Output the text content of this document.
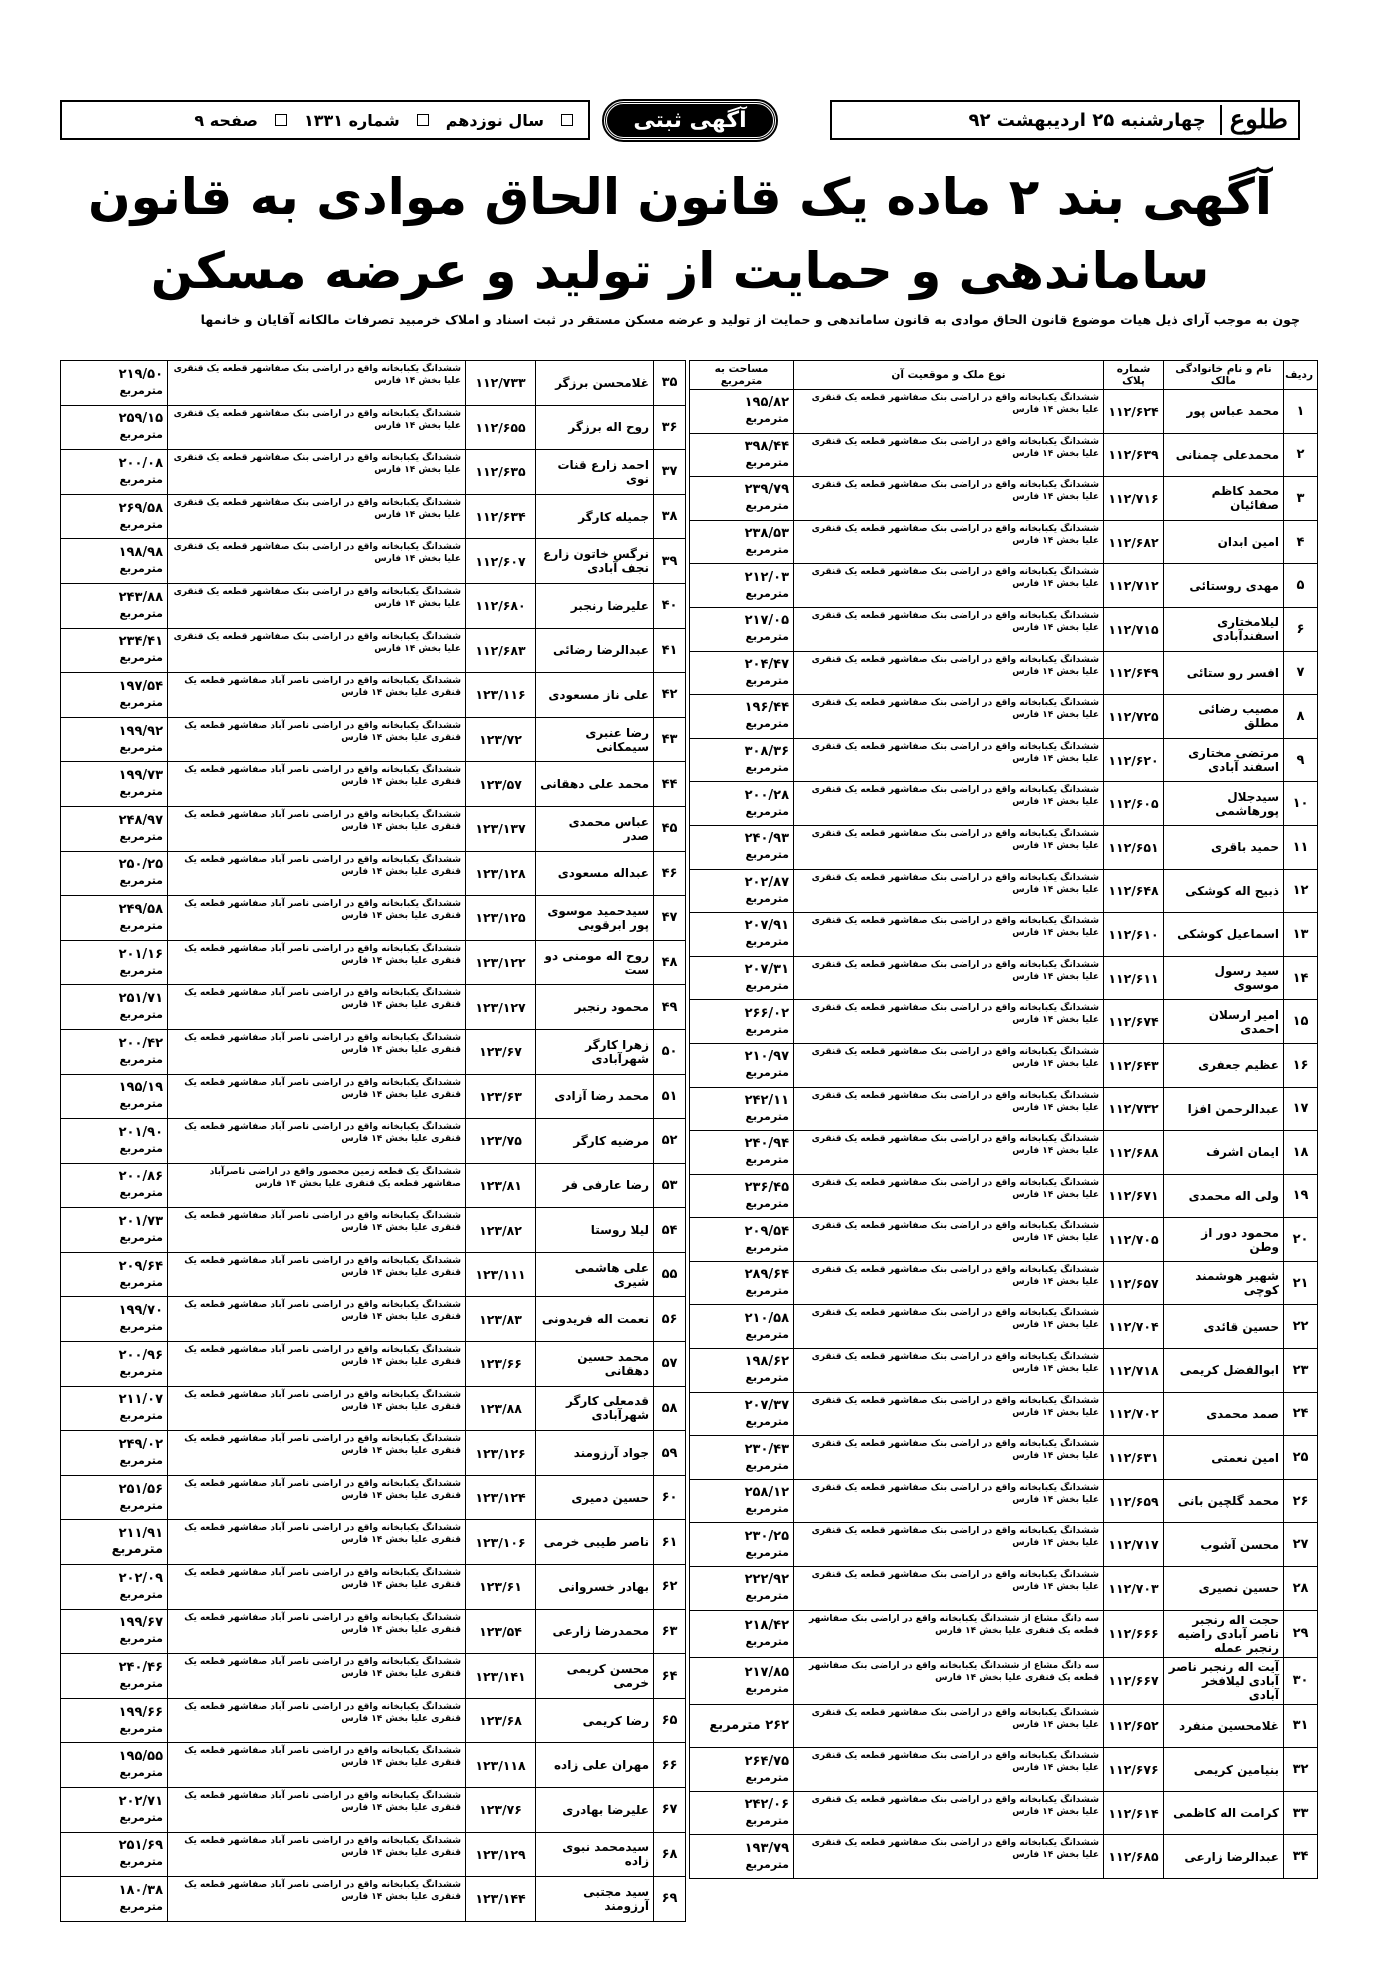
طلوع
چهارشنبه ۲۵ اردیبهشت ۹۲
آگهی ثبتی
سال نوزدهم
شماره ۱۳۳۱
صفحه ۹
آگهی بند ۲ ماده یک قانون الحاق موادی به قانون
ساماندهی و حمایت از تولید و عرضه مسکن
چون به موجب آرای ذیل هیات موضوع قانون الحاق موادی به قانون ساماندهی و حمایت از تولید و عرضه مسکن مستقر در ثبت اسناد و املاک خرمبید تصرفات مالکانه آقایان و خانمها
ردیف	نام و نام خانوادگی مالک	شماره پلاک	نوع ملک و موقعیت آن	مساحت به مترمربع
۱	محمد عباس پور	۱۱۲/۶۲۴	ششدانگ یکبابخانه واقع در اراضی بنک صفاشهر قطعه یک قنقری علیا بخش ۱۴ فارس	۱۹۵/۸۲
مترمربع

۲	محمدعلی چمنانی	۱۱۲/۶۳۹	ششدانگ یکبابخانه واقع در اراضی بنک صفاشهر قطعه یک قنقری علیا بخش ۱۴ فارس	۳۹۸/۴۴
مترمربع

۳	محمد کاظم صفائیان	۱۱۲/۷۱۶	ششدانگ یکبابخانه واقع در اراضی بنک صفاشهر قطعه یک قنقری علیا بخش ۱۴ فارس	۲۳۹/۷۹
مترمربع

۴	امین ابدان	۱۱۲/۶۸۲	ششدانگ یکبابخانه واقع در اراضی بنک صفاشهر قطعه یک قنقری علیا بخش ۱۴ فارس	۲۳۸/۵۳
مترمربع

۵	مهدی روستائی	۱۱۲/۷۱۲	ششدانگ یکبابخانه واقع در اراضی بنک صفاشهر قطعه یک قنقری علیا بخش ۱۴ فارس	۲۱۲/۰۳
مترمربع

۶	لیلامختاری اسفندآبادی	۱۱۲/۷۱۵	ششدانگ یکبابخانه واقع در اراضی بنک صفاشهر قطعه یک قنقری علیا بخش ۱۴ فارس	۲۱۷/۰۵
مترمربع

۷	افسر رو ستائی	۱۱۲/۶۴۹	ششدانگ یکبابخانه واقع در اراضی بنک صفاشهر قطعه یک قنقری علیا بخش ۱۴ فارس	۲۰۴/۴۷
مترمربع

۸	مصیب رضائی مطلق	۱۱۲/۷۲۵	ششدانگ یکبابخانه واقع در اراضی بنک صفاشهر قطعه یک قنقری علیا بخش ۱۴ فارس	۱۹۶/۴۴
مترمربع

۹	مرتضی مختاری اسفند آبادی	۱۱۲/۶۲۰	ششدانگ یکبابخانه واقع در اراضی بنک صفاشهر قطعه یک قنقری علیا بخش ۱۴ فارس	۳۰۸/۳۶
مترمربع

۱۰	سیدجلال پورهاشمی	۱۱۲/۶۰۵	ششدانگ یکبابخانه واقع در اراضی بنک صفاشهر قطعه یک قنقری علیا بخش ۱۴ فارس	۲۰۰/۲۸
مترمربع

۱۱	حمید باقری	۱۱۲/۶۵۱	ششدانگ یکبابخانه واقع در اراضی بنک صفاشهر قطعه یک قنقری علیا بخش ۱۴ فارس	۲۴۰/۹۳
مترمربع

۱۲	ذبیح اله کوشکی	۱۱۲/۶۴۸	ششدانگ یکبابخانه واقع در اراضی بنک صفاشهر قطعه یک قنقری علیا بخش ۱۴ فارس	۲۰۲/۸۷
مترمربع

۱۳	اسماعیل کوشکی	۱۱۲/۶۱۰	ششدانگ یکبابخانه واقع در اراضی بنک صفاشهر قطعه یک قنقری علیا بخش ۱۴ فارس	۲۰۷/۹۱
مترمربع

۱۴	سید رسول موسوی	۱۱۲/۶۱۱	ششدانگ یکبابخانه واقع در اراضی بنک صفاشهر قطعه یک قنقری علیا بخش ۱۴ فارس	۲۰۷/۳۱
مترمربع

۱۵	امیر ارسلان احمدی	۱۱۲/۶۷۴	ششدانگ یکبابخانه واقع در اراضی بنک صفاشهر قطعه یک قنقری علیا بخش ۱۴ فارس	۲۶۶/۰۲
مترمربع

۱۶	عظیم جعفری	۱۱۲/۶۴۳	ششدانگ یکبابخانه واقع در اراضی بنک صفاشهر قطعه یک قنقری علیا بخش ۱۴ فارس	۲۱۰/۹۷
مترمربع

۱۷	عبدالرحمن افزا	۱۱۲/۷۳۲	ششدانگ یکبابخانه واقع در اراضی بنک صفاشهر قطعه یک قنقری علیا بخش ۱۴ فارس	۲۴۲/۱۱
مترمربع

۱۸	ایمان اشرف	۱۱۲/۶۸۸	ششدانگ یکبابخانه واقع در اراضی بنک صفاشهر قطعه یک قنقری علیا بخش ۱۴ فارس	۲۴۰/۹۴
مترمربع

۱۹	ولی اله محمدی	۱۱۲/۶۷۱	ششدانگ یکبابخانه واقع در اراضی بنک صفاشهر قطعه یک قنقری علیا بخش ۱۴ فارس	۲۳۶/۴۵
مترمربع

۲۰	محمود دور از وطن	۱۱۲/۷۰۵	ششدانگ یکبابخانه واقع در اراضی بنک صفاشهر قطعه یک قنقری علیا بخش ۱۴ فارس	۲۰۹/۵۴
مترمربع

۲۱	شهیر هوشمند کوچی	۱۱۲/۶۵۷	ششدانگ یکبابخانه واقع در اراضی بنک صفاشهر قطعه یک قنقری علیا بخش ۱۴ فارس	۲۸۹/۶۴
مترمربع

۲۲	حسین قائدی	۱۱۲/۷۰۴	ششدانگ یکبابخانه واقع در اراضی بنک صفاشهر قطعه یک قنقری علیا بخش ۱۴ فارس	۲۱۰/۵۸
مترمربع

۲۳	ابوالفضل کریمی	۱۱۲/۷۱۸	ششدانگ یکبابخانه واقع در اراضی بنک صفاشهر قطعه یک قنقری علیا بخش ۱۴ فارس	۱۹۸/۶۲
مترمربع

۲۴	صمد محمدی	۱۱۲/۷۰۲	ششدانگ یکبابخانه واقع در اراضی بنک صفاشهر قطعه یک قنقری علیا بخش ۱۴ فارس	۲۰۷/۳۷
مترمربع

۲۵	امین نعمتی	۱۱۲/۶۳۱	ششدانگ یکبابخانه واقع در اراضی بنک صفاشهر قطعه یک قنقری علیا بخش ۱۴ فارس	۲۳۰/۴۳
مترمربع

۲۶	محمد گلچین بانی	۱۱۲/۶۵۹	ششدانگ یکبابخانه واقع در اراضی بنک صفاشهر قطعه یک قنقری علیا بخش ۱۴ فارس	۲۵۸/۱۲
مترمربع

۲۷	محسن آشوب	۱۱۲/۷۱۷	ششدانگ یکبابخانه واقع در اراضی بنک صفاشهر قطعه یک قنقری علیا بخش ۱۴ فارس	۲۳۰/۲۵
مترمربع

۲۸	حسین نصیری	۱۱۲/۷۰۳	ششدانگ یکبابخانه واقع در اراضی بنک صفاشهر قطعه یک قنقری علیا بخش ۱۴ فارس	۲۲۲/۹۲
مترمربع

۲۹	حجت اله رنجبر ناصر آبادی راضیه رنجبر عمله	۱۱۲/۶۶۶	سه دانگ مشاع از ششدانگ یکبابخانه واقع در اراضی بنک صفاشهر قطعه یک قنقری علیا بخش ۱۴ فارس	۲۱۸/۴۲
مترمربع

۳۰	آیت اله رنجبر ناصر آبادی لیلافخر آبادی	۱۱۲/۶۶۷	سه دانگ مشاع از ششدانگ یکبابخانه واقع در اراضی بنک صفاشهر قطعه یک قنقری علیا بخش ۱۴ فارس	۲۱۷/۸۵
مترمربع

۳۱	غلامحسین منفرد	۱۱۲/۶۵۲	ششدانگ یکبابخانه واقع در اراضی بنک صفاشهر قطعه یک قنقری علیا بخش ۱۴ فارس	۲۶۲ مترمربع
۳۲	بنیامین کریمی	۱۱۲/۶۷۶	ششدانگ یکبابخانه واقع در اراضی بنک صفاشهر قطعه یک قنقری علیا بخش ۱۴ فارس	۲۶۴/۷۵
مترمربع

۳۳	کرامت اله کاظمی	۱۱۲/۶۱۴	ششدانگ یکبابخانه واقع در اراضی بنک صفاشهر قطعه یک قنقری علیا بخش ۱۴ فارس	۲۴۲/۰۶
مترمربع

۳۴	عبدالرضا زارعی	۱۱۲/۶۸۵	ششدانگ یکبابخانه واقع در اراضی بنک صفاشهر قطعه یک قنقری علیا بخش ۱۴ فارس	۱۹۳/۷۹
مترمربع
۳۵	غلامحسن برزگر	۱۱۲/۷۳۳	ششدانگ یکبابخانه واقع در اراضی بنک صفاشهر قطعه یک قنقری علیا بخش ۱۴ فارس	۲۱۹/۵۰
مترمربع

۳۶	روح اله برزگر	۱۱۲/۶۵۵	ششدانگ یکبابخانه واقع در اراضی بنک صفاشهر قطعه یک قنقری علیا بخش ۱۴ فارس	۲۵۹/۱۵
مترمربع

۳۷	احمد زارع قنات نوی	۱۱۲/۶۳۵	ششدانگ یکبابخانه واقع در اراضی بنک صفاشهر قطعه یک قنقری علیا بخش ۱۴ فارس	۲۰۰/۰۸
مترمربع

۳۸	جمیله کارگر	۱۱۲/۶۳۴	ششدانگ یکبابخانه واقع در اراضی بنک صفاشهر قطعه یک قنقری علیا بخش ۱۴ فارس	۲۶۹/۵۸
مترمربع

۳۹	نرگس خاتون زارع نجف آبادی	۱۱۲/۶۰۷	ششدانگ یکبابخانه واقع در اراضی بنک صفاشهر قطعه یک قنقری علیا بخش ۱۴ فارس	۱۹۸/۹۸
مترمربع

۴۰	علیرضا رنجبر	۱۱۲/۶۸۰	ششدانگ یکبابخانه واقع در اراضی بنک صفاشهر قطعه یک قنقری علیا بخش ۱۴ فارس	۲۴۳/۸۸
مترمربع

۴۱	عبدالرضا رضائی	۱۱۲/۶۸۳	ششدانگ یکبابخانه واقع در اراضی بنک صفاشهر قطعه یک قنقری علیا بخش ۱۴ فارس	۲۳۴/۴۱
مترمربع

۴۲	علی ناز مسعودی	۱۲۳/۱۱۶	ششدانگ یکبابخانه واقع در اراضی ناصر آباد صفاشهر قطعه یک قنقری علیا بخش ۱۴ فارس	۱۹۷/۵۴
مترمربع

۴۳	رضا عنبری سیمکانی	۱۲۳/۷۲	ششدانگ یکبابخانه واقع در اراضی ناصر آباد صفاشهر قطعه یک قنقری علیا بخش ۱۴ فارس	۱۹۹/۹۲
مترمربع

۴۴	محمد علی دهقانی	۱۲۳/۵۷	ششدانگ یکبابخانه واقع در اراضی ناصر آباد صفاشهر قطعه یک قنقری علیا بخش ۱۴ فارس	۱۹۹/۷۳
مترمربع

۴۵	عباس محمدی صدر	۱۲۳/۱۳۷	ششدانگ یکبابخانه واقع در اراضی ناصر آباد صفاشهر قطعه یک قنقری علیا بخش ۱۴ فارس	۲۴۸/۹۷
مترمربع

۴۶	عبداله مسعودی	۱۲۳/۱۲۸	ششدانگ یکبابخانه واقع در اراضی ناصر آباد صفاشهر قطعه یک قنقری علیا بخش ۱۴ فارس	۲۵۰/۲۵
مترمربع

۴۷	سیدحمید موسوی پور ابرقویی	۱۲۳/۱۲۵	ششدانگ یکبابخانه واقع در اراضی ناصر آباد صفاشهر قطعه یک قنقری علیا بخش ۱۴ فارس	۲۴۹/۵۸
مترمربع

۴۸	روح اله مومنی دو ست	۱۲۳/۱۲۲	ششدانگ یکبابخانه واقع در اراضی ناصر آباد صفاشهر قطعه یک قنقری علیا بخش ۱۴ فارس	۲۰۱/۱۶
مترمربع

۴۹	محمود رنجبر	۱۲۳/۱۲۷	ششدانگ یکبابخانه واقع در اراضی ناصر آباد صفاشهر قطعه یک قنقری علیا بخش ۱۴ فارس	۲۵۱/۷۱
مترمربع

۵۰	زهرا کارگر شهرآبادی	۱۲۳/۶۷	ششدانگ یکبابخانه واقع در اراضی ناصر آباد صفاشهر قطعه یک قنقری علیا بخش ۱۴ فارس	۲۰۰/۴۲
مترمربع

۵۱	محمد رضا آزادی	۱۲۳/۶۳	ششدانگ یکبابخانه واقع در اراضی ناصر آباد صفاشهر قطعه یک قنقری علیا بخش ۱۴ فارس	۱۹۵/۱۹
مترمربع

۵۲	مرضیه کارگر	۱۲۳/۷۵	ششدانگ یکبابخانه واقع در اراضی ناصر آباد صفاشهر قطعه یک قنقری علیا بخش ۱۴ فارس	۲۰۱/۹۰
مترمربع

۵۳	رضا عارفی فر	۱۲۳/۸۱	ششدانگ یک قطعه زمین محصور واقع در اراضی ناصرآباد صفاشهر قطعه یک قنقری علیا بخش ۱۴ فارس	۲۰۰/۸۶
مترمربع

۵۴	لیلا روستا	۱۲۳/۸۲	ششدانگ یکبابخانه واقع در اراضی ناصر آباد صفاشهر قطعه یک قنقری علیا بخش ۱۴ فارس	۲۰۱/۷۳
مترمربع

۵۵	علی هاشمی شیری	۱۲۳/۱۱۱	ششدانگ یکبابخانه واقع در اراضی ناصر آباد صفاشهر قطعه یک قنقری علیا بخش ۱۴ فارس	۲۰۹/۶۴
مترمربع

۵۶	نعمت اله فریدونی	۱۲۳/۸۳	ششدانگ یکبابخانه واقع در اراضی ناصر آباد صفاشهر قطعه یک قنقری علیا بخش ۱۴ فارس	۱۹۹/۷۰
مترمربع

۵۷	محمد حسین دهقانی	۱۲۳/۶۶	ششدانگ یکبابخانه واقع در اراضی ناصر آباد صفاشهر قطعه یک قنقری علیا بخش ۱۴ فارس	۲۰۰/۹۶
مترمربع

۵۸	قدمعلی کارگر شهرآبادی	۱۲۳/۸۸	ششدانگ یکبابخانه واقع در اراضی ناصر آباد صفاشهر قطعه یک قنقری علیا بخش ۱۴ فارس	۲۱۱/۰۷
مترمربع

۵۹	جواد آرزومند	۱۲۳/۱۲۶	ششدانگ یکبابخانه واقع در اراضی ناصر آباد صفاشهر قطعه یک قنقری علیا بخش ۱۴ فارس	۲۴۹/۰۲
مترمربع

۶۰	حسین دمیری	۱۲۳/۱۲۴	ششدانگ یکبابخانه واقع در اراضی ناصر آباد صفاشهر قطعه یک قنقری علیا بخش ۱۴ فارس	۲۵۱/۵۶
مترمربع

۶۱	ناصر طیبی خرمی	۱۲۳/۱۰۶	ششدانگ یکبابخانه واقع در اراضی ناصر آباد صفاشهر قطعه یک قنقری علیا بخش ۱۴ فارس	۲۱۱/۹۱ مترمربع
۶۲	بهادر خسروانی	۱۲۳/۶۱	ششدانگ یکبابخانه واقع در اراضی ناصر آباد صفاشهر قطعه یک قنقری علیا بخش ۱۴ فارس	۲۰۲/۰۹
مترمربع

۶۳	محمدرضا زارعی	۱۲۳/۵۴	ششدانگ یکبابخانه واقع در اراضی ناصر آباد صفاشهر قطعه یک قنقری علیا بخش ۱۴ فارس	۱۹۹/۶۷
مترمربع

۶۴	محسن کریمی خرمی	۱۲۳/۱۴۱	ششدانگ یکبابخانه واقع در اراضی ناصر آباد صفاشهر قطعه یک قنقری علیا بخش ۱۴ فارس	۲۴۰/۴۶
مترمربع

۶۵	رضا کریمی	۱۲۳/۶۸	ششدانگ یکبابخانه واقع در اراضی ناصر آباد صفاشهر قطعه یک قنقری علیا بخش ۱۴ فارس	۱۹۹/۶۶
مترمربع

۶۶	مهران علی زاده	۱۲۳/۱۱۸	ششدانگ یکبابخانه واقع در اراضی ناصر آباد صفاشهر قطعه یک قنقری علیا بخش ۱۴ فارس	۱۹۵/۵۵
مترمربع

۶۷	علیرضا بهادری	۱۲۳/۷۶	ششدانگ یکبابخانه واقع در اراضی ناصر آباد صفاشهر قطعه یک قنقری علیا بخش ۱۴ فارس	۲۰۲/۷۱
مترمربع

۶۸	سیدمحمد نبوی زاده	۱۲۳/۱۲۹	ششدانگ یکبابخانه واقع در اراضی ناصر آباد صفاشهر قطعه یک قنقری علیا بخش ۱۴ فارس	۲۵۱/۶۹
مترمربع

۶۹	سید مجتبی آرزومند	۱۲۳/۱۴۴	ششدانگ یکبابخانه واقع در اراضی ناصر آباد صفاشهر قطعه یک قنقری علیا بخش ۱۴ فارس	۱۸۰/۳۸
مترمربع
